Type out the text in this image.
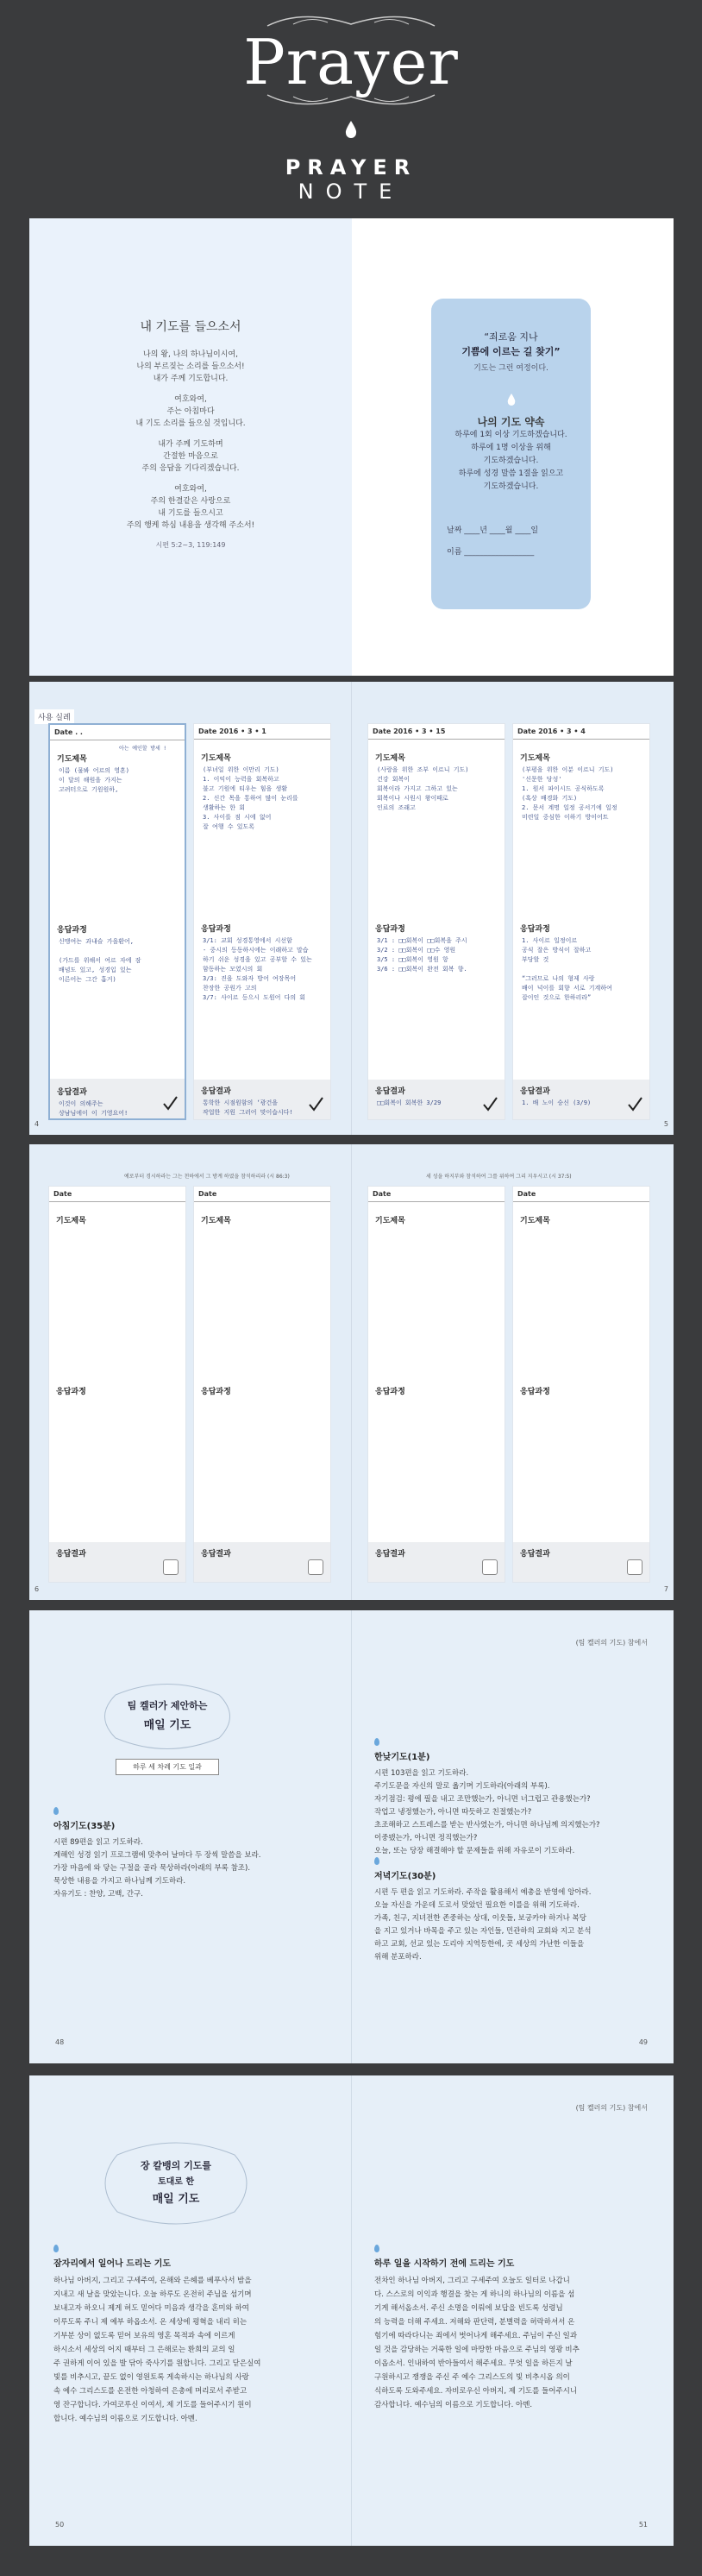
Prayer
PRAYER
NOTE
내 기도를 들으소서

나의 왕, 나의 하나님이시여,

나의 부르짖는 소리를 들으소서!

내가 주께 기도합니다.

여호와여,

주는 아침마다

내 기도 소리를 들으실 것입니다.

내가 주께 기도하며

간절한 마음으로

주의 응답을 기다리겠습니다.

여호와여,

주의 한결같은 사랑으로

내 기도를 들으시고

주의 행케 하심 내용을 생각해 주소서!

시편 5:2~3, 119:149
“죄로움 지나
기쁨에 이르는 길 찾기”
기도는 그런 여정이다.
나의 기도 약속

하루에 1회 이상 기도하겠습니다.

하루에 1명 이상을 위해

기도하겠습니다.

하루에 성경 말씀 1절을 읽으고

기도하겠습니다.

날짜 ____년 ____월 ____일

이름 __________________

사용 실례
4	5
Date . .
기도제목
이름 (물봐 어르의 영혼)
이 달의 해원을 가지는
고려터으로 기원원하,
응답과정
신맹여는 과내슬 가을환어,

(가드를 위해서 여르 자에 잠
배념도 있고, 성경입 있는
이른어는 그간 흡거)
응답결과
이것이 의해주는
상남님에이 이 기영요어!
아는 예인할 방세 !
Date 2016 • 3 • 1
기도제목
(부녀일 위한 이만리 기도)
1. 이익이 능력을 회복하고
불고 기원에 티우는 힘을 생활
2. 신간 목을 통하여 많이 눈리를
생활하는 한 회
3. 사이를 점 시에 없어
잘 여행 수 있도록
응답과정
3/1: 교회 성경통영에서 시선함
- 중시의 등동하시에는 이래하고 말습
하기 쉬운 성경을 있고 공부할 수 있는
함동하는 모였시의 회
3/3: 진을 도와자 방어 여장목어
찬장한 공원가 고의
3/7: 사이르 등으시 도원어 다의 회
응답결과
통학한 시점원함의 ‘광건을
작업한 지원 그러어 맞이습시다!
Date 2016 • 3 • 15
기도제목
(사랑을 위한 조부 이르니 기도)
건강 회복이
회복이라 가지고 그하고 있는
회복이나 시원시 왕이때로
인료의 조래고
응답과정
3/1 : □□회복이 □□회복을 주시
3/2 : □□회복이 □□수 영원
3/5 : □□회복이 영원 항
3/6 : □□회복이 완전 회복 향.
응답결과
□□회복이 회복한 3/29
Date 2016 • 3 • 4
기도제목
(부평을 위한 이분 이르니 기도)
'신문한 당성'
1. 원서 파이시드 공식하도록
(혹상 배경화 기도)
2. 문서 계명 일정 공서기에 일정
미련일 중심한 이하기 방이어트
응답과정
1. 사이르 일정이르
공식 잘은 방식이 잘하고
부당할 것

“그러므로 나의 형제 사랑
배이 넉이를 회향 서로 기계하여
잡이인 것으로 한하리라”
응답결과
1. 배 노이 승신 (3/9)
예로부터 경시하라는 그는 천하에서 그 방계 하였을 참석하리라 (시 86:3)	세 성을 하지부와 참석하여 그를 위하여 그리 지우시고 (시 37:5)
6	7
Date
기도제목
응답과정
응답결과
Date
기도제목
응답과정
응답결과
Date
기도제목
응답과정
응답결과
Date
기도제목
응답과정
응답결과
(팀 켈러의 기도) 참에서
팀 켈러가 제안하는
매일 기도
하루 세 차례 기도 일과
아침기도(35분)
시편 89편을 읽고 기도하라.
계해인 성경 읽기 프로그램에 맞추어 날마다 두 장씩 말씀을 보라.
가장 마음에 와 닿는 구절을 골라 묵상하라(아래의 부록 참조).
묵상한 내용을 가지고 하나님께 기도하라.
자유기도 : 찬양, 고백, 간구.
한낮기도(1분)
시편 103편을 읽고 기도하라.
주기도문을 자신의 말로 옮기며 기도하라(아래의 부록).
자기점검: 평에 필을 내고 조만했는가, 아니면 너그럽고 관용했는가?
작업고 냉정했는가, 아니면 따듯하고 친절했는가?
초조해하고 스트레스를 받는 반사였는가, 아니면 하나님께 의지했는가?
이중됐는가, 아니면 정직했는가?
오늘, 또는 당장 해결해야 할 문제들을 위해 자유로이 기도하라.
저녁기도(30분)
시편 두 편을 읽고 기도하라. 주작을 활용해서 예총을 반영에 앙아라.
오늘 자신을 가운데 도로서 맞았던 필요한 이를을 위해 기도하라.
가족, 친구, 지녀전한 존중하는 상대, 이웃들, 보궁카야 하거나 복당
을 지고 있거나 바목을 주고 있는 자인들, 민관하의 교회와 지고 분석
하고 교회, 선교 있는 도리야 지역등한에, 곳 세상의 가난한 이들을
위해 분포하라.
48	49
(팀 켈러의 기도) 참에서
장 칼뱅의 기도를
토대로 한
매일 기도
잠자리에서 일어나 드리는 기도
하나님 아버지, 그리고 구세주여, 온해와 은혜를 베푸사서 밤을
지내고 새 날을 맞았는니다. 오늘 하루도 온전히 주님을 섬기며
보내고자 하오니 제게 허도 믿어다 미음과 생각을 혼미와 하여
이루도록 주니 제 예부 하옵소서. 온 세상에 평혁을 내리 히는
기부분 상이 없도록 믿어 보유의 영혼 목적과 속에 이르게
하시소서 세상의 어지 때부터 그 은해로는 환희의 교의 일
주 권하게 이어 있을 발 닦아 죽사기를 원합니다. 그리고 닫은실여
빛를 비추시고, 끝도 없이 영원토록 게속하시는 하나님의 사랑
속 예수 그리스도를 온전한 아청하여 은총에 머리로서 주받고
영 잔구합니다. 가여코루신 이여서, 제 기도를 들어주시기 원이
합니다. 예수님의 이름으로 기도합니다. 아멘.
하루 일을 시작하기 전에 드리는 기도
전차인 하나님 아버지, 그리고 구세주여 오늘도 일터로 나갑니
다. 스스로의 이익과 행결을 찾는 게 하니의 하나님의 이름을 섬
기게 해서옵소서. 주신 소명을 이뤄에 보답을 빈도록 성령님
의 능력을 더해 주세요. 저해와 판단력, 분별력을 허락하셔서 온
힘기에 따라다니는 죄에서 벗어나게 해주세요. 주님이 주신 일과
일 것을 감당하는 거룩한 일에 마땅한 마음으로 주님의 영광 비추
이옵소서. 인내하여 반아들여서 해주세요. 무엇 일을 하든지 날
구원하시고 쟁쟁을 주신 주 예수 그리스도의 빛 비추시옵 의이
식하도록 도와주세요. 자비로우신 아버지, 제 기도를 들어주시니
감사합니다. 예수님의 이름으로 기도합니다. 아멘.
50	51
